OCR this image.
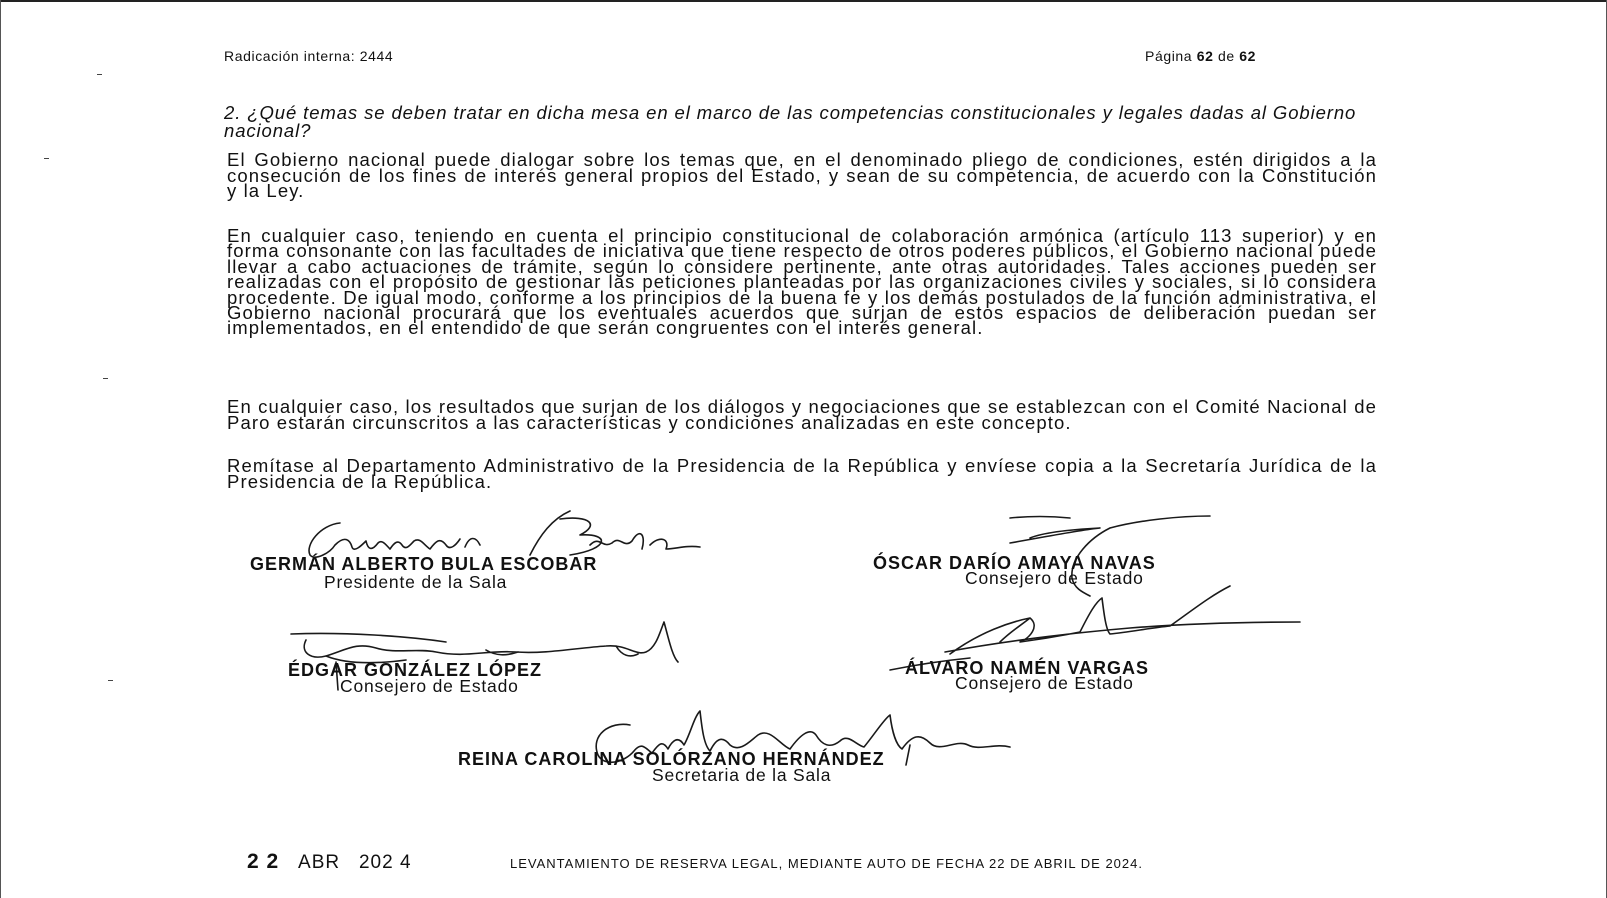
Radicación interna: 2444	Página 62 de 62
2. ¿Qué temas se deben tratar en dicha mesa en el marco de las competencias constitucionales y legales dadas al Gobierno nacional?
El Gobierno nacional puede dialogar sobre los temas que, en el denominado pliego de condiciones, estén dirigidos a la consecución de los fines de interés general propios del Estado, y sean de su competencia, de acuerdo con la Constitución y la Ley.
En cualquier caso, teniendo en cuenta el principio constitucional de colaboración armónica (artículo 113 superior) y en forma consonante con las facultades de iniciativa que tiene respecto de otros poderes públicos, el Gobierno nacional puede llevar a cabo actuaciones de trámite, según lo considere pertinente, ante otras autoridades. Tales acciones pueden ser realizadas con el propósito de gestionar las peticiones planteadas por las organizaciones civiles y sociales, si lo considera procedente. De igual modo, conforme a los principios de la buena fe y los demás postulados de la función administrativa, el Gobierno nacional procurará que los eventuales acuerdos que surjan de estos espacios de deliberación puedan ser implementados, en el entendido de que serán congruentes con el interés general.
En cualquier caso, los resultados que surjan de los diálogos y negociaciones que se establezcan con el Comité Nacional de Paro estarán circunscritos a las características y condiciones analizadas en este concepto.
Remítase al Departamento Administrativo de la Presidencia de la República y envíese copia a la Secretaría Jurídica de la Presidencia de la República.
GERMÁN ALBERTO BULA ESCOBAR
Presidente de la Sala
ÓSCAR DARÍO AMAYA NAVAS
Consejero de Estado
ÉDGAR GONZÁLEZ LÓPEZ
Consejero de Estado
ÁLVARO NAMÉN VARGAS
Consejero de Estado
REINA CAROLINA SOLÓRZANO HERNÁNDEZ
Secretaria de la Sala
2 2 ABR 202 4	LEVANTAMIENTO DE RESERVA LEGAL, MEDIANTE AUTO DE FECHA 22 DE ABRIL DE 2024.
